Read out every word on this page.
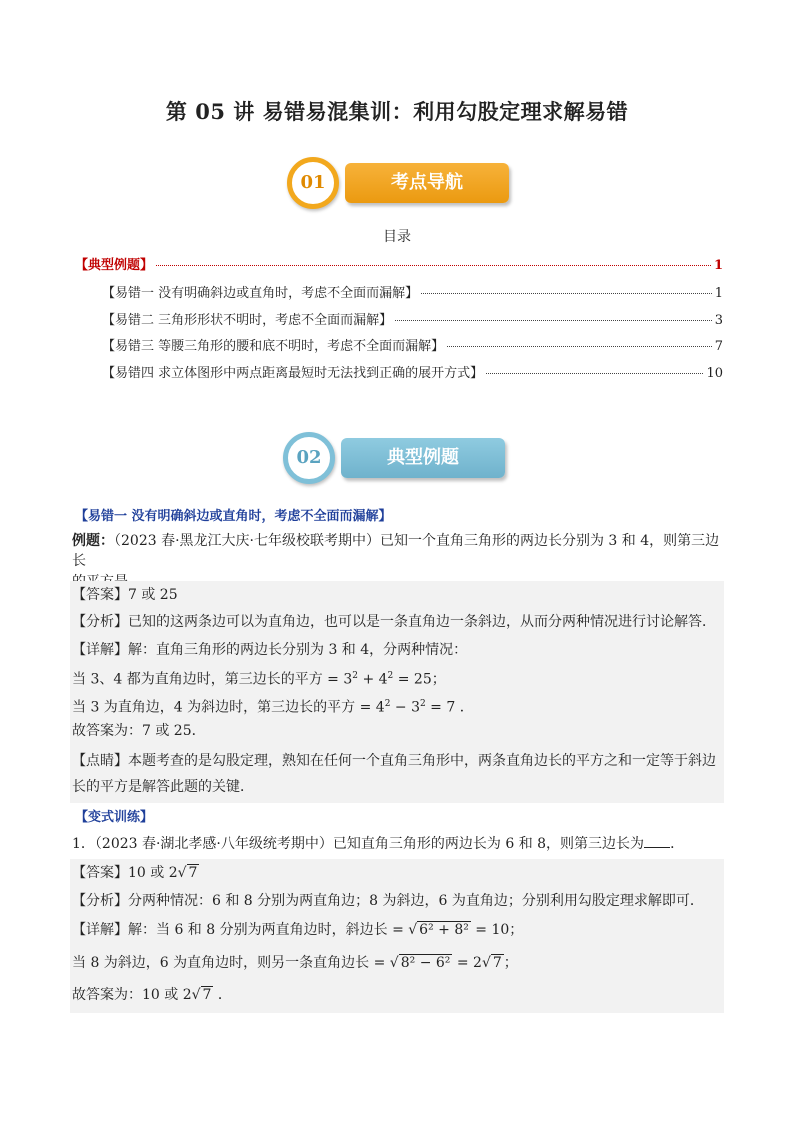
第 05 讲 易错易混集训：利用勾股定理求解易错
考点导航
01
目录
【典型例题】	1
【易错一 没有明确斜边或直角时，考虑不全面而漏解】	1
【易错二 三角形形状不明时，考虑不全面而漏解】	3
【易错三 等腰三角形的腰和底不明时，考虑不全面而漏解】	7
【易错四 求立体图形中两点距离最短时无法找到正确的展开方式】	10
典型例题
02
【易错一 没有明确斜边或直角时，考虑不全面而漏解】
例题：（2023 春·黑龙江大庆·七年级校联考期中）已知一个直角三角形的两边长分别为 3 和 4，则第三边长

【答案】7 或 25
【分析】已知的这两条边可以为直角边，也可以是一条直角边一条斜边，从而分两种情况进行讨论解答．
【详解】解：直角三角形的两边长分别为 3 和 4，分两种情况：
当 3、4 都为直角边时，第三边长的平方 = $3^2 + 4^2 = 25$；
当 3 为直角边，4 为斜边时，第三边长的平方 = $4^2 - 3^2 = 7$ ．
故答案为：7 或 25．
【点睛】本题考查的是勾股定理，熟知在任何一个直角三角形中，两条直角边长的平方之和一定等于斜边
长的平方是解答此题的关键．
【变式训练】
1．（2023 春·湖北孝感·八年级统考期中）已知直角三角形的两边长为 6 和 8，则第三边长为 ．
【答案】10 或 2√ 7
【分析】分两种情况：6 和 8 分别为两直角边；8 为斜边，6 为直角边；分别利用勾股定理求解即可．
【详解】解：当 6 和 8 分别为两直角边时，斜边长 = √ 6² + 8² = 10；
当 8 为斜边，6 为直角边时，则另一条直角边长 = √ 8² − 6² = 2√ 7 ；
故答案为：10 或 2√ 7 ．
